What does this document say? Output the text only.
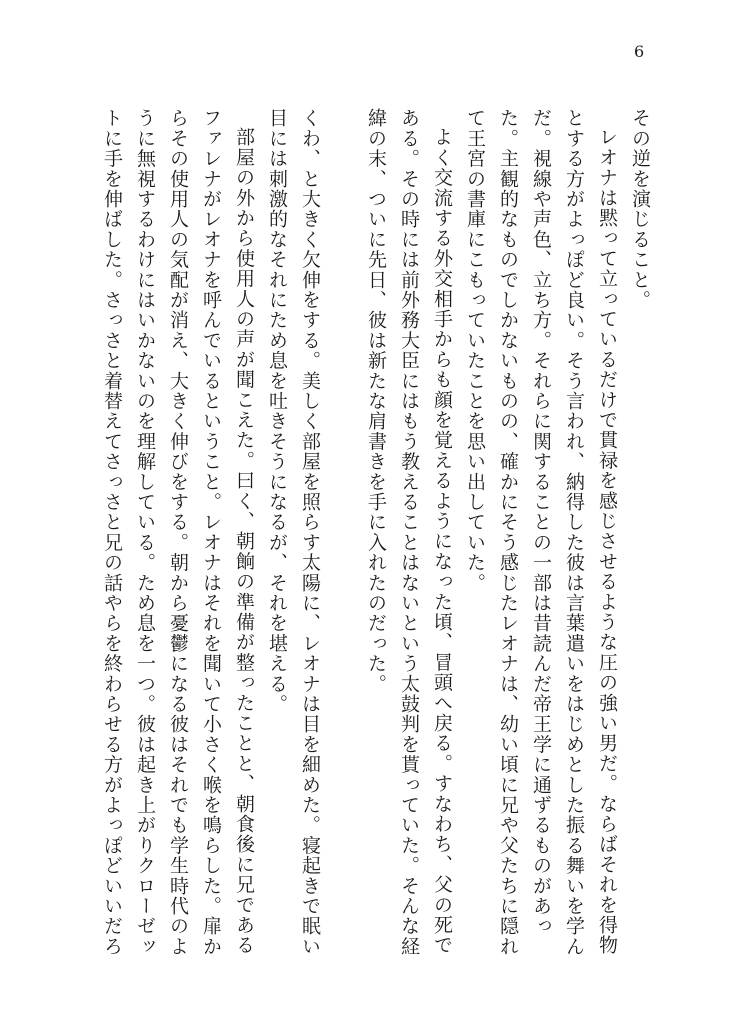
6

その逆を演じること。

レオナは黙って立っているだけで貫禄を感じさせるような圧の強い男だ。ならばそれを得物とする方がよっぽど良い。そう言われ、納得した彼は言葉遣いをはじめとした振る舞いを学んだ。視線や声色、立ち方。それらに関することの一部は昔読んだ帝王学に通ずるものがあった。主観的なものでしかないものの、確かにそう感じたレオナは、幼い頃に兄や父たちに隠れて王宮の書庫にこもっていたことを思い出していた。

よく交流する外交相手からも顔を覚えるようになった頃、冒頭へ戻る。すなわち、父の死である。その時には前外務大臣にはもう教えることはないという太鼓判を貰っていた。そんな経緯の末、ついに先日、彼は新たな肩書きを手に入れたのだった。

くわ、と大きく欠伸をする。美しく部屋を照らす太陽に、レオナは目を細めた。寝起きで眠い目には刺激的なそれにため息を吐きそうになるが、それを堪える。

部屋の外から使用人の声が聞こえた。曰く、朝餉の準備が整ったことと、朝食後に兄であるファレナがレオナを呼んでいるということ。レオナはそれを聞いて小さく喉を鳴らした。扉からその使用人の気配が消え、大きく伸びをする。朝から憂鬱になる彼はそれでも学生時代のように無視するわけにはいかないのを理解している。ため息を一つ。彼は起き上がりクローゼットに手を伸ばした。さっさと着替えてさっさと兄の話やらを終わらせる方がよっぽどいいだろ
